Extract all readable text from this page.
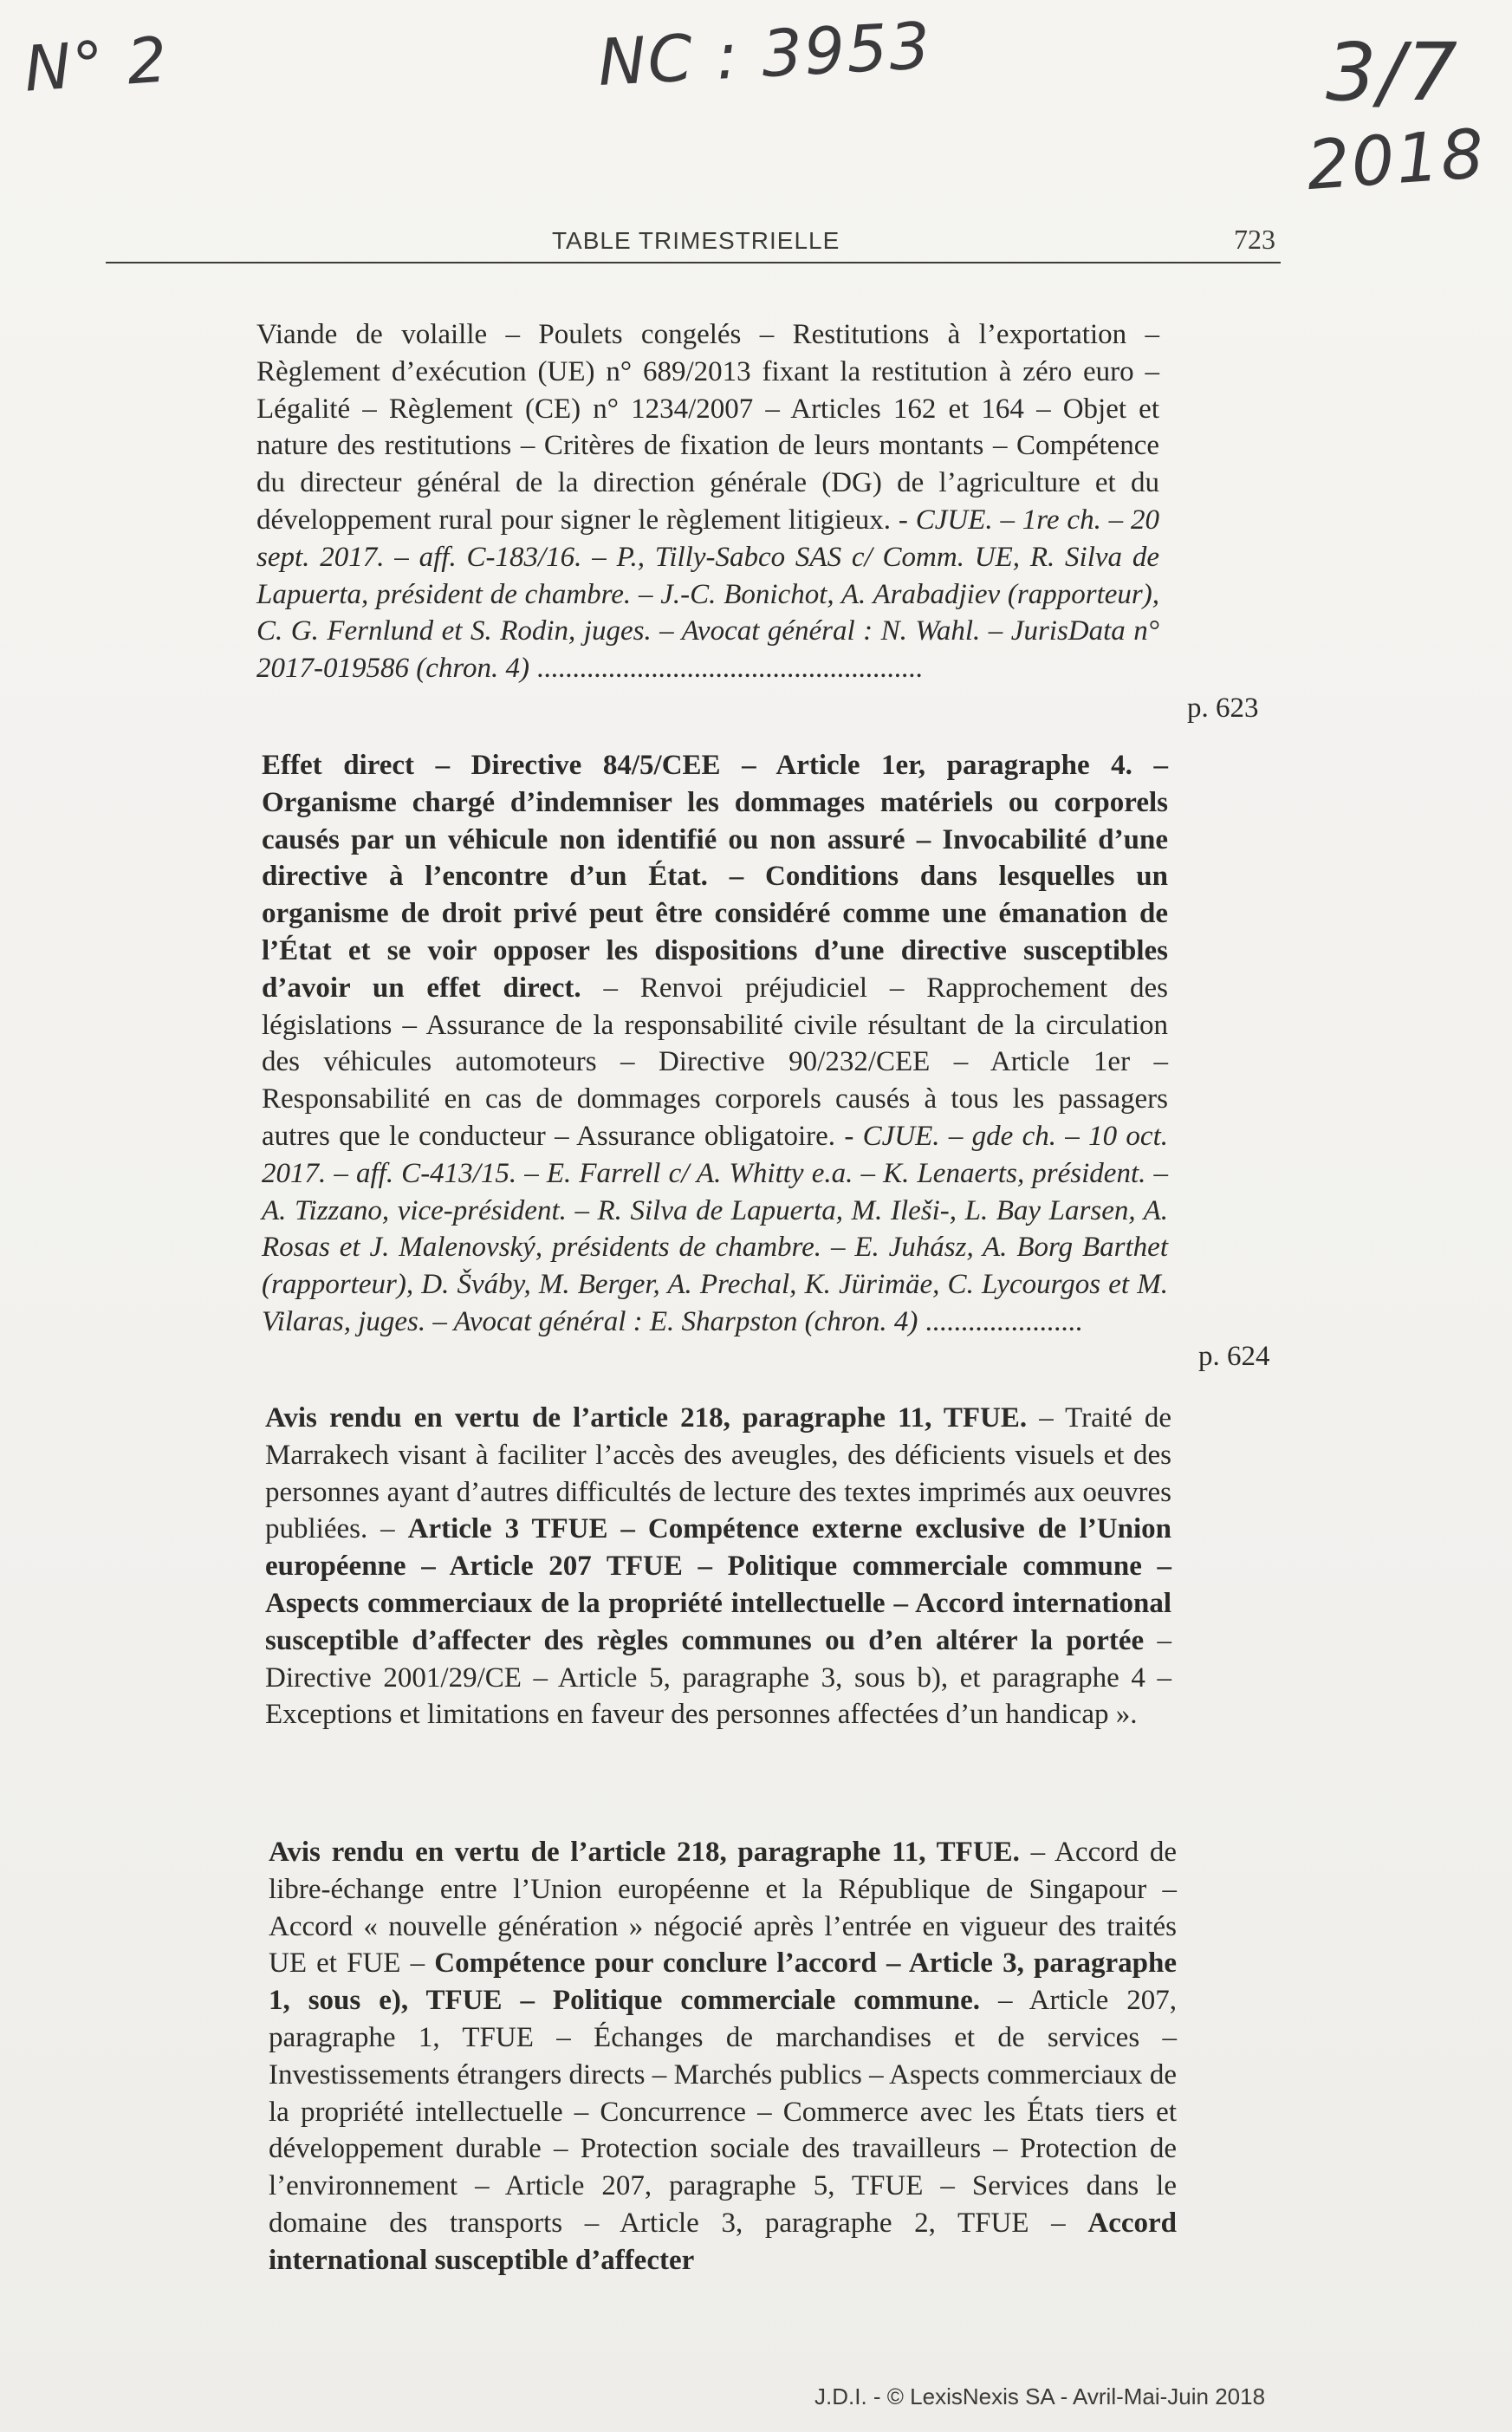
N° 2	NC : 3953	3/7
2018
TABLE TRIMESTRIELLE	723
Viande de volaille – Poulets congelés – Restitutions à l’exportation – Règlement d’exécution (UE) n° 689/2013 fixant la restitution à zéro euro – Légalité – Règlement (CE) n° 1234/2007 – Articles 162 et 164 – Objet et nature des restitutions – Critères de fixation de leurs montants – Compétence du directeur général de la direction générale (DG) de l’agriculture et du développement rural pour signer le règlement litigieux. - CJUE. – 1re ch. – 20 sept. 2017. – aff. C-183/16. – P., Tilly-Sabco SAS c/ Comm. UE, R. Silva de Lapuerta, président de chambre. – J.-C. Bonichot, A. Arabadjiev (rapporteur), C. G. Fernlund et S. Rodin, juges. – Avocat général : N. Wahl. – JurisData n° 2017-019586 (chron. 4) ......................................................
p. 623
Effet direct – Directive 84/5/CEE – Article 1er, paragraphe 4. – Organisme chargé d’indemniser les dommages matériels ou corporels causés par un véhicule non identifié ou non assuré – Invocabilité d’une directive à l’encontre d’un État. – Conditions dans lesquelles un organisme de droit privé peut être considéré comme une émanation de l’État et se voir opposer les dispositions d’une directive susceptibles d’avoir un effet direct. – Renvoi préjudiciel – Rapprochement des législations – Assurance de la responsabilité civile résultant de la circulation des véhicules automoteurs – Directive 90/232/CEE – Article 1er – Responsabilité en cas de dommages corporels causés à tous les passagers autres que le conducteur – Assurance obligatoire. - CJUE. – gde ch. – 10 oct. 2017. – aff. C-413/15. – E. Farrell c/ A. Whitty e.a. – K. Lenaerts, président. – A. Tizzano, vice-président. – R. Silva de Lapuerta, M. Ileši-, L. Bay Larsen, A. Rosas et J. Malenovský, présidents de chambre. – E. Juhász, A. Borg Barthet (rapporteur), D. Šváby, M. Berger, A. Prechal, K. Jürimäe, C. Lycourgos et M. Vilaras, juges. – Avocat général : E. Sharpston (chron. 4) ......................
p. 624
Avis rendu en vertu de l’article 218, paragraphe 11, TFUE. – Traité de Marrakech visant à faciliter l’accès des aveugles, des déficients visuels et des personnes ayant d’autres difficultés de lecture des textes imprimés aux oeuvres publiées. – Article 3 TFUE – Compétence externe exclusive de l’Union européenne – Article 207 TFUE – Politique commerciale commune – Aspects commerciaux de la propriété intellectuelle – Accord international susceptible d’affecter des règles communes ou d’en altérer la portée – Directive 2001/29/CE – Article 5, paragraphe 3, sous b), et paragraphe 4 – Exceptions et limitations en faveur des personnes affectées d’un handicap ».
Avis rendu en vertu de l’article 218, paragraphe 11, TFUE. – Accord de libre-échange entre l’Union européenne et la République de Singapour – Accord « nouvelle génération » négocié après l’entrée en vigueur des traités UE et FUE – Compétence pour conclure l’accord – Article 3, paragraphe 1, sous e), TFUE – Politique commerciale commune. – Article 207, paragraphe 1, TFUE – Échanges de marchandises et de services – Investissements étrangers directs – Marchés publics – Aspects commerciaux de la propriété intellectuelle – Concurrence – Commerce avec les États tiers et développement durable – Protection sociale des travailleurs – Protection de l’environnement – Article 207, paragraphe 5, TFUE – Services dans le domaine des transports – Article 3, paragraphe 2, TFUE – Accord international susceptible d’affecter
J.D.I. - © LexisNexis SA - Avril-Mai-Juin 2018
